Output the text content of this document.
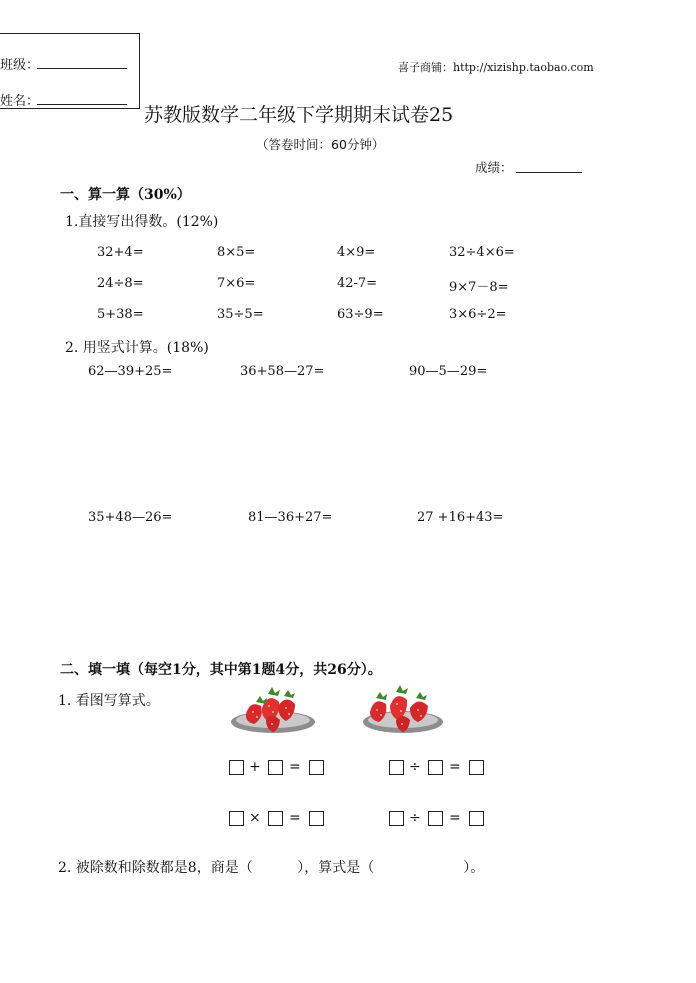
班级：
姓名：
喜子商铺：http://xizishp.taobao.com
苏教版数学二年级下学期期末试卷25
（答卷时间：60分钟）
成绩：
一、算一算（30%）
1.直接写出得数。(12%)
32+4=	8×5=	4×9=	32÷4×6=
24÷8=	7×6=	42-7=	9×7－8=
5+38=	35÷5=	63÷9=	3×6÷2=
2. 用竖式计算。(18%)
62—39+25=	36+58—27=	90—5—29=
35+48—26=	81—36+27=	27 +16+43=
二、填一填（每空1分，其中第1题4分，共26分）。
1. 看图写算式。
+ =	÷ =
× =	÷ =
2. 被除数和除数都是8，商是（          ），算式是（                    ）。
